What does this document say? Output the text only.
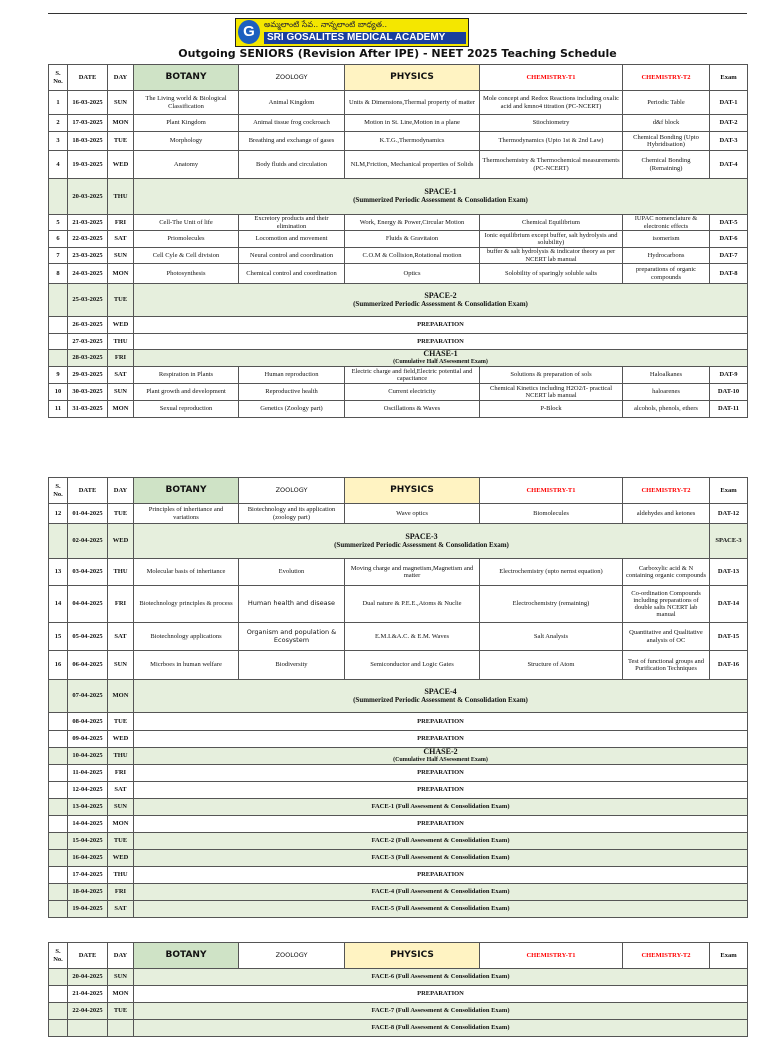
G	అమ్మలాంటి సేవ.. నాన్నలాంటి బాధ్యత..
SRI GOSALITES MEDICAL ACADEMY
Outgoing SENIORS (Revision After IPE) - NEET 2025 Teaching Schedule
S. No.	DATE	DAY	BOTANY	ZOOLOGY	PHYSICS	CHEMISTRY-T1	CHEMISTRY-T2	Exam
1	16-03-2025	SUN	The Living world & Biological Classification	Animal Kingdom	Units & Dimensions,Thermal property of matter	Mole concept and Redox Reactions including oxalic acid and kmno4 titration (PC-NCERT)	Periodic Table	DAT-1
2	17-03-2025	MON	Plant Kingdom	Animal tissue frog cockroach	Motion in St. Line,Motion in a plane	Stiochiometry	d&f block	DAT-2
3	18-03-2025	TUE	Morphology	Breathing and exchange of gases	K.T.G.,Thermodynamics	Thermodynamics (Upto 1st & 2nd Law)	Chemical Bonding (Upto Hybridisation)	DAT-3
4	19-03-2025	WED	Anatomy	Body fluids and circulation	NLM,Friction, Mechanical properties of Solids	Thermochemistry & Thermochemical measurements (PC-NCERT)	Chemical Bonding (Remaining)	DAT-4
	20-03-2025	THU	SPACE-1
(Summerized Periodic Assessment & Consolidation Exam)					

5	21-03-2025	FRI	Cell-The Unit of life	Excretory products and their elimination	Work, Energy & Power,Circular Motion	Chemical Equilibrium	IUPAC nomenclature & electronic effects	DAT-5
6	22-03-2025	SAT	Priomolecules	Locomotion and movement	Fluids & Gravitaion	Ionic equilibrium except buffer, salt hydrolysis and solubility)	isomerism	DAT-6
7	23-03-2025	SUN	Cell Cyle & Cell division	Neural control and coordination	C.O.M & Collision,Rotational motion	buffer & salt hydrolysis & indicator theory as per NCERT lab manual	Hydrocarbons	DAT-7
8	24-03-2025	MON	Photosynthesis	Chemical control and coordination	Optics	Solobility of sparingly soluble salts	preparations of organic compounds	DAT-8
	25-03-2025	TUE	SPACE-2
(Summerized Periodic Assessment & Consolidation Exam)					

	26-03-2025	WED	PREPARATION					
	27-03-2025	THU	PREPARATION					
	28-03-2025	FRI	CHASE-1
(Cumulative Half ASsessment Exam)					

9	29-03-2025	SAT	Respiration in Plants	Human reproduction	Electric charge and field,Electric potential and capacitance	Solutions & preparation of sols	Haloalkanes	DAT-9
10	30-03-2025	SUN	Plant growth and development	Reproductive health	Current electricity	Chemical Kinetics including H2O2/I- practical NCERT lab manual	haloarenes	DAT-10
11	31-03-2025	MON	Sexual reproduction	Genetics (Zoology part)	Oscillations & Waves	P-Block	alcohols, phenols, ethers	DAT-11
S. No.	DATE	DAY	BOTANY	ZOOLOGY	PHYSICS	CHEMISTRY-T1	CHEMISTRY-T2	Exam
12	01-04-2025	TUE	Principles of inheritance and variations	Biotechnology and its application (zoology part)	Wave optics	Biomolecules	aldehydes and ketones	DAT-12
	02-04-2025	WED	SPACE-3
(Summerized Periodic Assessment & Consolidation Exam)					SPACE-3
13	03-04-2025	THU	Molecular basis of inheritance	Evolution	Moving charge and magnetism,Magnetism and matter	Electrochemistry (upto nernst equation)	Carboxylic acid & N containing organic compounds	DAT-13
14	04-04-2025	FRI	Biotechnology principles & process	Human health and disease	Dual nature & P.E.E.,Atoms & Nuclie	Electrochemistry (remaining)	Co-ordination Compounds including preparations of double salts NCERT lab manual	DAT-14
15	05-04-2025	SAT	Biotechnology applications	Organism and population & Ecosystem	E.M.I.&A.C. & E.M. Waves	Salt Analysis	Quantitative and Qualitative analysis of OC	DAT-15
16	06-04-2025	SUN	Micrboes in human welfare	Biodiversity	Semiconductor and Logic Gates	Structure of Atom	Test of functional groups and Purification Techniques	DAT-16
	07-04-2025	MON	SPACE-4
(Summerized Periodic Assessment & Consolidation Exam)					

	08-04-2025	TUE	PREPARATION					
	09-04-2025	WED	PREPARATION					
	10-04-2025	THU	CHASE-2
(Cumulative Half ASsessment Exam)					

	11-04-2025	FRI	PREPARATION					
	12-04-2025	SAT	PREPARATION					
	13-04-2025	SUN	FACE-1 (Full Assessment & Consolidation Exam)					
	14-04-2025	MON	PREPARATION					
	15-04-2025	TUE	FACE-2 (Full Assessment & Consolidation Exam)					
	16-04-2025	WED	FACE-3 (Full Assessment & Consolidation Exam)					
	17-04-2025	THU	PREPARATION					
	18-04-2025	FRI	FACE-4 (Full Assessment & Consolidation Exam)					
	19-04-2025	SAT	FACE-5 (Full Assessment & Consolidation Exam)					
S. No.	DATE	DAY	BOTANY	ZOOLOGY	PHYSICS	CHEMISTRY-T1	CHEMISTRY-T2	Exam
	20-04-2025	SUN	FACE-6 (Full Assessment & Consolidation Exam)					
	21-04-2025	MON	PREPARATION					
	22-04-2025	TUE	FACE-7 (Full Assessment & Consolidation Exam)					
			FACE-8 (Full Assessment & Consolidation Exam)					
